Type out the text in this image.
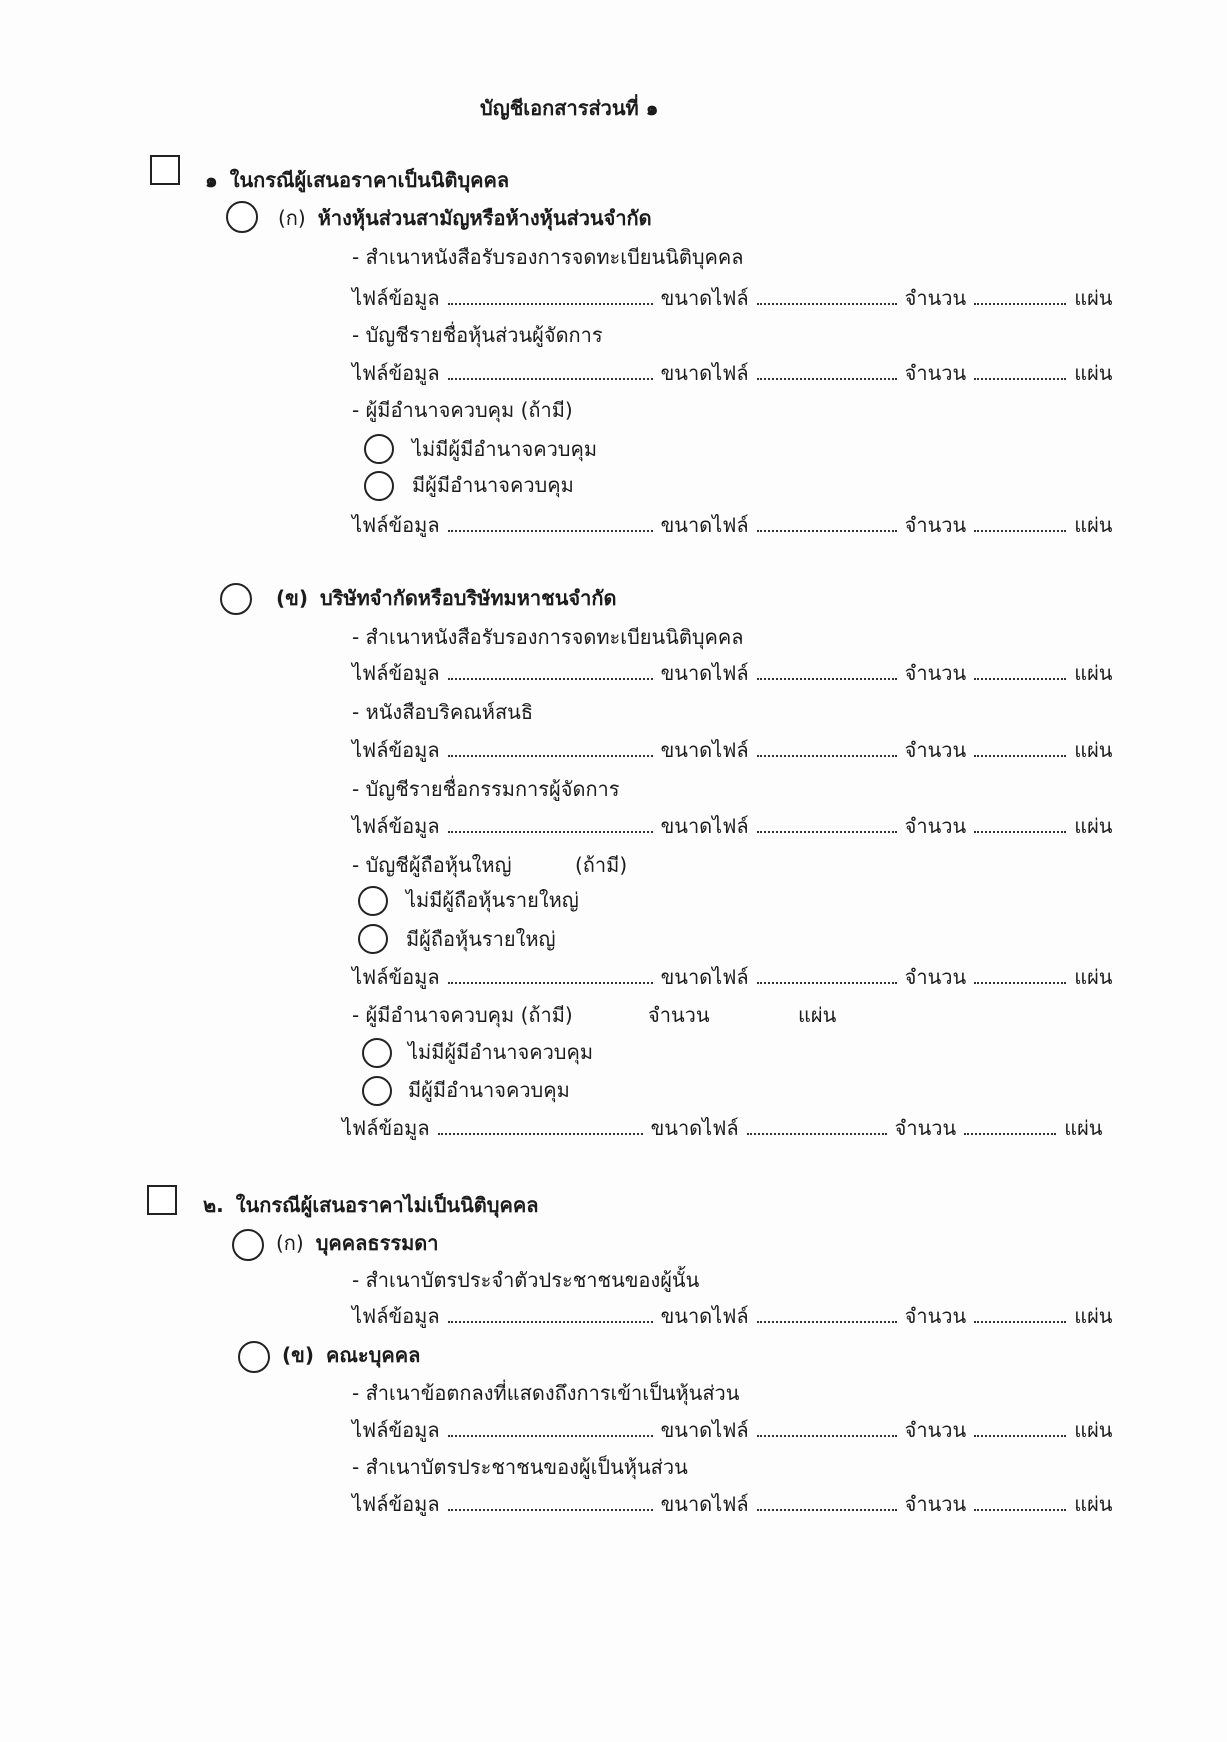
บัญชีเอกสารส่วนที่ ๑
๑ ในกรณีผู้เสนอราคาเป็นนิติบุคคล
(ก) ห้างหุ้นส่วนสามัญหรือห้างหุ้นส่วนจำกัด
- สำเนาหนังสือรับรองการจดทะเบียนนิติบุคคล
ไฟล์ข้อมูล	ขนาดไฟล์	จำนวน	แผ่น
- บัญชีรายชื่อหุ้นส่วนผู้จัดการ
ไฟล์ข้อมูล	ขนาดไฟล์	จำนวน	แผ่น
- ผู้มีอำนาจควบคุม (ถ้ามี)
ไม่มีผู้มีอำนาจควบคุม
มีผู้มีอำนาจควบคุม
ไฟล์ข้อมูล	ขนาดไฟล์	จำนวน	แผ่น
(ข) บริษัทจำกัดหรือบริษัทมหาชนจำกัด
- สำเนาหนังสือรับรองการจดทะเบียนนิติบุคคล
ไฟล์ข้อมูล	ขนาดไฟล์	จำนวน	แผ่น
- หนังสือบริคณห์สนธิ
ไฟล์ข้อมูล	ขนาดไฟล์	จำนวน	แผ่น
- บัญชีรายชื่อกรรมการผู้จัดการ
ไฟล์ข้อมูล	ขนาดไฟล์	จำนวน	แผ่น
- บัญชีผู้ถือหุ้นใหญ่	(ถ้ามี)
ไม่มีผู้ถือหุ้นรายใหญ่
มีผู้ถือหุ้นรายใหญ่
ไฟล์ข้อมูล	ขนาดไฟล์	จำนวน	แผ่น
- ผู้มีอำนาจควบคุม (ถ้ามี)	จำนวน	แผ่น
ไม่มีผู้มีอำนาจควบคุม
มีผู้มีอำนาจควบคุม
ไฟล์ข้อมูล	ขนาดไฟล์	จำนวน	แผ่น
๒. ในกรณีผู้เสนอราคาไม่เป็นนิติบุคคล
(ก) บุคคลธรรมดา
- สำเนาบัตรประจำตัวประชาชนของผู้นั้น
ไฟล์ข้อมูล	ขนาดไฟล์	จำนวน	แผ่น
(ข) คณะบุคคล
- สำเนาข้อตกลงที่แสดงถึงการเข้าเป็นหุ้นส่วน
ไฟล์ข้อมูล	ขนาดไฟล์	จำนวน	แผ่น
- สำเนาบัตรประชาชนของผู้เป็นหุ้นส่วน
ไฟล์ข้อมูล	ขนาดไฟล์	จำนวน	แผ่น
